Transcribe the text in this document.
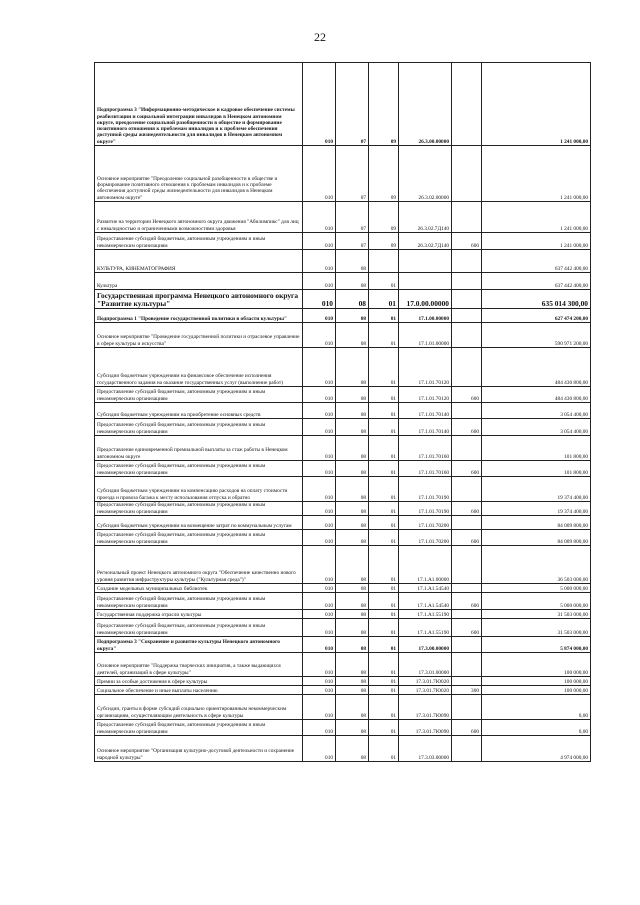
22
Подпрограмма 3 "Информационно-методическое и кадровое обеспечение системы реабилитации и социальной интеграции инвалидов в Ненецком автономном округе, преодоление социальной разобщенности в обществе и формирование позитивного отношения к проблемам инвалидов и к проблеме обеспечения доступной среды жизнедеятельности для инвалидов в Ненецком автономном округе"	010	07	09	26.3.00.00000		1 241 000,00
Основное мероприятие "Преодоление социальной разобщенности в обществе и формирование позитивного отношения к проблемам инвалидов и к проблеме обеспечения доступной среды жизнедеятельности для инвалидов в Ненецком автономном округе"	010	07	09	26.3.02.00000		1 241 000,00
Развитие на территории Ненецкого автономного округа движения "Абилимпикс" для лиц с инвалидностью и ограниченными возможностями здоровья	010	07	09	26.3.02.7Д140		1 241 000,00
Предоставление субсидий бюджетным, автономным учреждениям и иным некоммерческим организациям	010	07	09	26.3.02.7Д140	600	1 241 000,00
КУЛЬТУРА, КИНЕМАТОГРАФИЯ	010	08				637 442 400,00
Культура	010	08	01			637 442 400,00
Государственная программа Ненецкого автономного округа "Развитие культуры"	010	08	01	17.0.00.00000		635 014 300,00
Подпрограмма 1 "Проведение государственной политики в области культуры"	010	08	01	17.1.00.00000		627 474 200,00
Основное мероприятие "Проведение государственной политики и отраслевое управление в сфере культуры и искусства"	010	08	01	17.1.01.00000		590 971 200,00
Субсидии бюджетным учреждениям на финансовое обеспечение исполнения государственного задания на оказание государственных услуг (выполнение работ)	010	08	01	17.1.01.70120		484 430 800,00
Предоставление субсидий бюджетным, автономным учреждениям и иным некоммерческим организациям	010	08	01	17.1.01.70120	600	484 430 800,00
Субсидии бюджетным учреждениям на приобретение основных средств	010	08	01	17.1.01.70140		3 054 400,00
Предоставление субсидий бюджетным, автономным учреждениям и иным некоммерческим организациям	010	08	01	17.1.01.70140	600	3 054 400,00
Предоставление единовременной премиальной выплаты за стаж работы в Ненецком автономном округе	010	08	01	17.1.01.70160		101 800,00
Предоставление субсидий бюджетным, автономным учреждениям и иным некоммерческим организациям	010	08	01	17.1.01.70160	600	101 800,00
Субсидии бюджетным учреждениям на компенсацию расходов на оплату стоимости проезда и провоза багажа к месту использования отпуска и обратно	010	08	01	17.1.01.70190		19 374 400,00
Предоставление субсидий бюджетным, автономным учреждениям и иным некоммерческим организациям	010	08	01	17.1.01.70190	600	19 374 400,00
Субсидии бюджетным учреждениям на возмещение затрат по коммунальным услугам	010	08	01	17.1.01.70200		84 009 800,00
Предоставление субсидий бюджетным, автономным учреждениям и иным некоммерческим организациям	010	08	01	17.1.01.70200	600	84 009 800,00
Региональный проект Ненецкого автономного округа "Обеспечение качественно нового уровня развития инфраструктуры культуры ("Культурная среда")"	010	08	01	17.1.A1.00000		36 503 000,00
Создание модельных муниципальных библиотек	010	08	01	17.1.A1.54540		5 000 000,00
Предоставление субсидий бюджетным, автономным учреждениям и иным некоммерческим организациям	010	08	01	17.1.A1.54540	600	5 000 000,00
Государственная поддержка отрасли культуры	010	08	01	17.1.A1.55190		31 503 000,00
Предоставление субсидий бюджетным, автономным учреждениям и иным некоммерческим организациям	010	08	01	17.1.A1.55190	600	31 503 000,00
Подпрограмма 3 "Сохранение и развитие культуры Ненецкого автономного округа"	010	08	01	17.3.00.00000		5 874 000,00
Основное мероприятие "Поддержка творческих инициатив, а также выдающихся деятелей, организаций в сфере культуры"	010	08	01	17.3.01.00000		100 000,00
Премии за особые достижения в сфере культуры	010	08	01	17.3.01.7Ю020		100 000,00
Социальное обеспечение и иные выплаты населению	010	08	01	17.3.01.7Ю020	300	100 000,00
Субсидии, гранты в форме субсидий социально ориентированным некоммерческим организациям, осуществляющим деятельность в сфере культуры	010	08	01	17.3.01.7Ю090		0,00
Предоставление субсидий бюджетным, автономным учреждениям и иным некоммерческим организациям	010	08	01	17.3.01.7Ю090	600	0,00
Основное мероприятие "Организация культурно-досуговой деятельности и сохранение народной культуры"	010	08	01	17.3.03.00000		4 974 000,00
